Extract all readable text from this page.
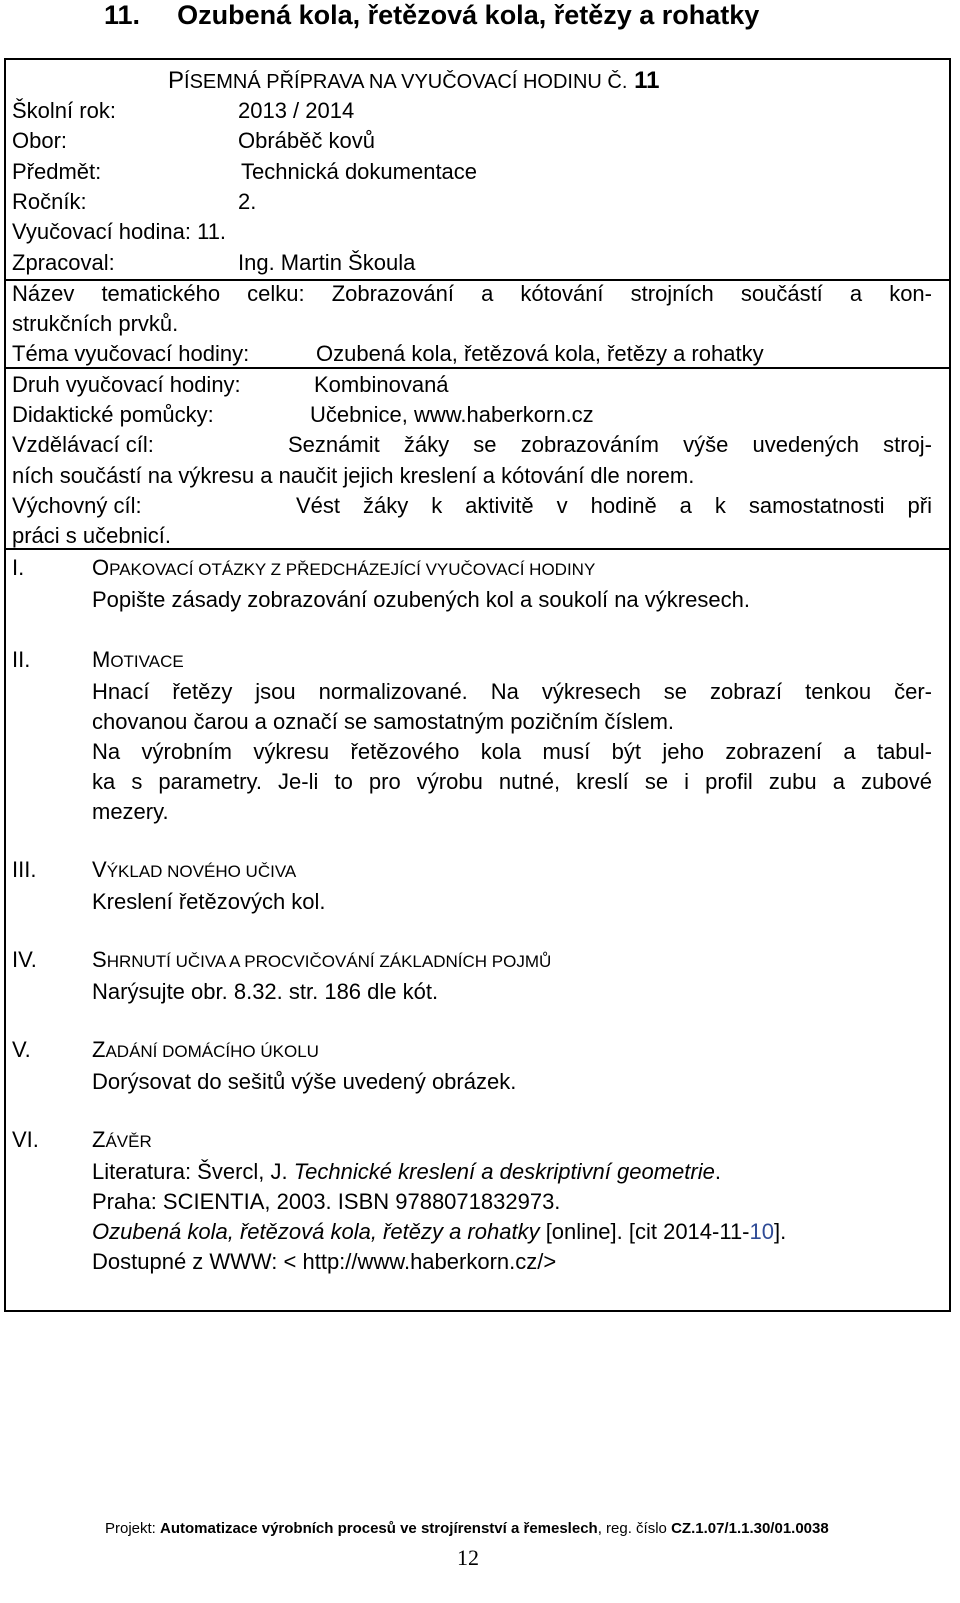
11. Ozubená kola, řetězová kola, řetězy a rohatky
PÍSEMNÁ PŘÍPRAVA NA VYUČOVACÍ HODINU Č. 11
Školní rok:	2013 / 2014
Obor:	Obráběč kovů
Předmět:	Technická dokumentace
Ročník:	2.
Vyučovací hodina: 11.
Zpracoval:	Ing. Martin Škoula
Název tematického celku: Zobrazování a kótování strojních součástí a kon-
strukčních prvků.
Téma vyučovací hodiny:	Ozubená kola, řetězová kola, řetězy a rohatky
Druh vyučovací hodiny:	Kombinovaná
Didaktické pomůcky:	Učebnice, www.haberkorn.cz
Vzdělávací cíl:	Seznámit žáky se zobrazováním výše uvedených stroj-
ních součástí na výkresu a naučit jejich kreslení a kótování dle norem.
Výchovný cíl:	Vést žáky k aktivitě v hodině a k samostatnosti při
práci s učebnicí.
I.	OPAKOVACÍ OTÁZKY Z PŘEDCHÁZEJÍCÍ VYUČOVACÍ HODINY
Popište zásady zobrazování ozubených kol a soukolí na výkresech.
II.	MOTIVACE
Hnací řetězy jsou normalizované. Na výkresech se zobrazí tenkou čer-
chovanou čarou a označí se samostatným pozičním číslem.
Na výrobním výkresu řetězového kola musí být jeho zobrazení a tabul-
ka s parametry. Je-li to pro výrobu nutné, kreslí se i profil zubu a zubové
mezery.
III.	VÝKLAD NOVÉHO UČIVA
Kreslení řetězových kol.
IV.	SHRNUTÍ UČIVA A PROCVIČOVÁNÍ ZÁKLADNÍCH POJMŮ
Narýsujte obr. 8.32. str. 186 dle kót.
V.	ZADÁNÍ DOMÁCÍHO ÚKOLU
Dorýsovat do sešitů výše uvedený obrázek.
VI. ZÁVĚR
Literatura: Švercl, J. Technické kreslení a deskriptivní geometrie.
Praha: SCIENTIA, 2003. ISBN 9788071832973.
Ozubená kola, řetězová kola, řetězy a rohatky [online]. [cit 2014-11-10].
Dostupné z WWW: < http://www.haberkorn.cz/>
Projekt: Automatizace výrobních procesů ve strojírenství a řemeslech, reg. číslo CZ.1.07/1.1.30/01.0038
12
